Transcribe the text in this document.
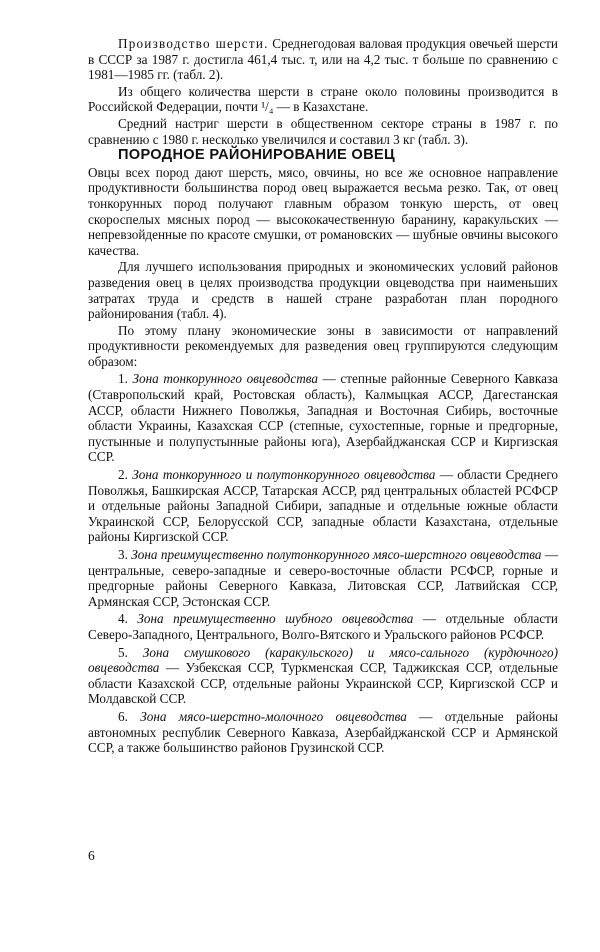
Производство шерсти. Среднегодовая валовая продукция овечьей шерсти в СССР за 1987 г. достигла 461,4 тыс. т, или на 4,2 тыс. т больше по сравнению с 1981—1985 гг. (табл. 2).

Из общего количества шерсти в стране около половины производится в Российской Федерации, почти ¹/₄ — в Казахстане.

Средний настриг шерсти в общественном секторе страны в 1987 г. по сравнению с 1980 г. несколько увеличился и составил 3 кг (табл. 3).

ПОРОДНОЕ РАЙОНИРОВАНИЕ ОВЕЦ

Овцы всех пород дают шерсть, мясо, овчины, но все же основное направление продуктивности большинства пород овец выражается весьма резко. Так, от овец тонкорунных пород получают главным образом тонкую шерсть, от овец скороспелых мясных пород — высококачественную баранину, каракульских — непревзойденные по красоте смушки, от романовских — шубные овчины высокого качества.

Для лучшего использования природных и экономических условий районов разведения овец в целях производства продукции овцеводства при наименьших затратах труда и средств в нашей стране разработан план породного районирования (табл. 4).

По этому плану экономические зоны в зависимости от направлений продуктивности рекомендуемых для разведения овец группируются следующим образом:

1. Зона тонкорунного овцеводства — степные районные Северного Кавказа (Ставропольский край, Ростовская область), Калмыцкая АССР, Дагестанская АССР, области Нижнего Поволжья, Западная и Восточная Сибирь, восточные области Украины, Казахская ССР (степные, сухостепные, горные и предгорные, пустынные и полупустынные районы юга), Азербайджанская ССР и Киргизская ССР.

2. Зона тонкорунного и полутонкорунного овцеводства — области Среднего Поволжья, Башкирская АССР, Татарская АССР, ряд центральных областей РСФСР и отдельные районы Западной Сибири, западные и отдельные южные области Украинской ССР, Белорусской ССР, западные области Казахстана, отдельные районы Киргизской ССР.

3. Зона преимущественно полутонкорунного мясо-шерстного овцеводства — центральные, северо-западные и северо-восточные области РСФСР, горные и предгорные районы Северного Кавказа, Литовская ССР, Латвийская ССР, Армянская ССР, Эстонская ССР.

4. Зона преимущественно шубного овцеводства — отдельные области Северо-Западного, Центрального, Волго-Вятского и Уральского районов РСФСР.

5. Зона смушкового (каракульского) и мясо-сального (курдючного) овцеводства — Узбекская ССР, Туркменская ССР, Таджикская ССР, отдельные области Казахской ССР, отдельные районы Украинской ССР, Киргизской ССР и Молдавской ССР.

6. Зона мясо-шерстно-молочного овцеводства — отдельные районы автономных республик Северного Кавказа, Азербайджанской ССР и Армянской ССР, а также большинство районов Грузинской ССР.

6
